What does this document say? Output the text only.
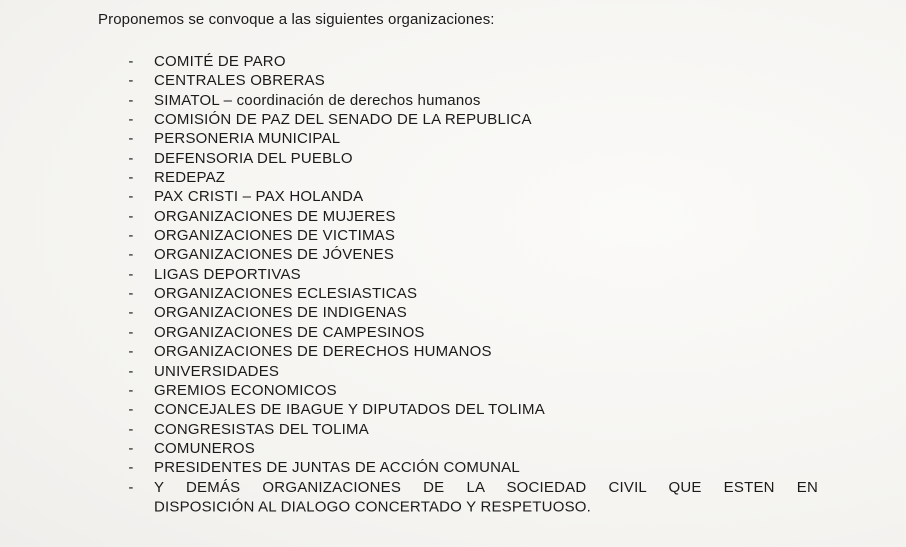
Proponemos se convoque a las siguientes organizaciones:

- COMITÉ DE PARO
- CENTRALES OBRERAS
- SIMATOL – coordinación de derechos humanos
- COMISIÓN DE PAZ DEL SENADO DE LA REPUBLICA
- PERSONERIA MUNICIPAL
- DEFENSORIA DEL PUEBLO
- REDEPAZ
- PAX CRISTI – PAX HOLANDA
- ORGANIZACIONES DE MUJERES
- ORGANIZACIONES DE VICTIMAS
- ORGANIZACIONES DE JÓVENES
- LIGAS DEPORTIVAS
- ORGANIZACIONES ECLESIASTICAS
- ORGANIZACIONES DE INDIGENAS
- ORGANIZACIONES DE CAMPESINOS
- ORGANIZACIONES DE DERECHOS HUMANOS
- UNIVERSIDADES
- GREMIOS ECONOMICOS
- CONCEJALES DE IBAGUE Y DIPUTADOS DEL TOLIMA
- CONGRESISTAS DEL TOLIMA
- COMUNEROS
- PRESIDENTES DE JUNTAS DE ACCIÓN COMUNAL
- Y DEMÁS ORGANIZACIONES DE LA SOCIEDAD CIVIL QUE ESTEN EN
DISPOSICIÓN AL DIALOGO CONCERTADO Y RESPETUOSO.
